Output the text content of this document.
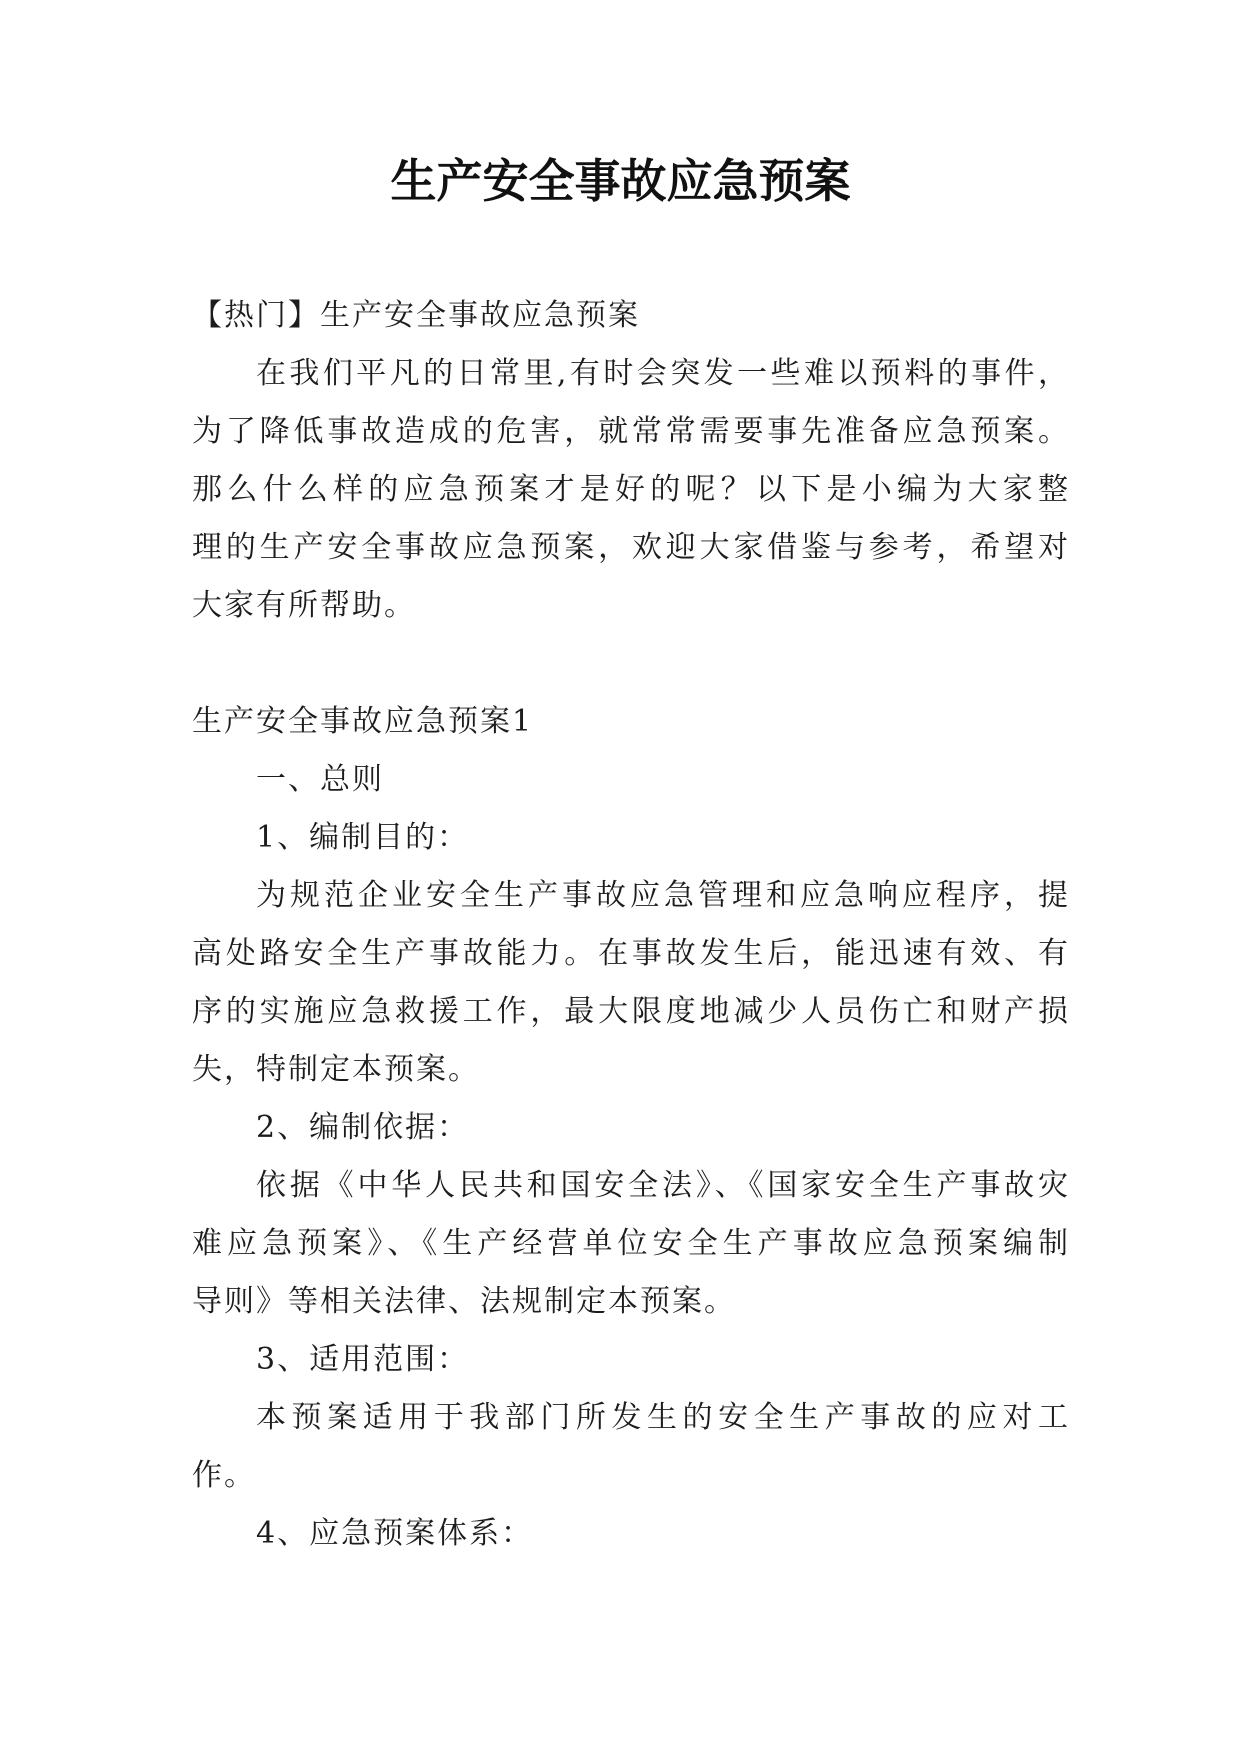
生产安全事故应急预案
【热门】生产安全事故应急预案
在我们平凡的日常里,有时会突发一些难以预料的事件，
为了降低事故造成的危害，就常常需要事先准备应急预案。
那么什么样的应急预案才是好的呢？以下是小编为大家整
理的生产安全事故应急预案，欢迎大家借鉴与参考，希望对
大家有所帮助。
生产安全事故应急预案1
一、总则
1、编制目的：
为规范企业安全生产事故应急管理和应急响应程序，提
高处路安全生产事故能力。在事故发生后，能迅速有效、有
序的实施应急救援工作，最大限度地减少人员伤亡和财产损
失，特制定本预案。
2、编制依据：
依据《中华人民共和国安全法》、《国家安全生产事故灾
难应急预案》、《生产经营单位安全生产事故应急预案编制
导则》等相关法律、法规制定本预案。
3、适用范围：
本预案适用于我部门所发生的安全生产事故的应对工
作。
4、应急预案体系：
